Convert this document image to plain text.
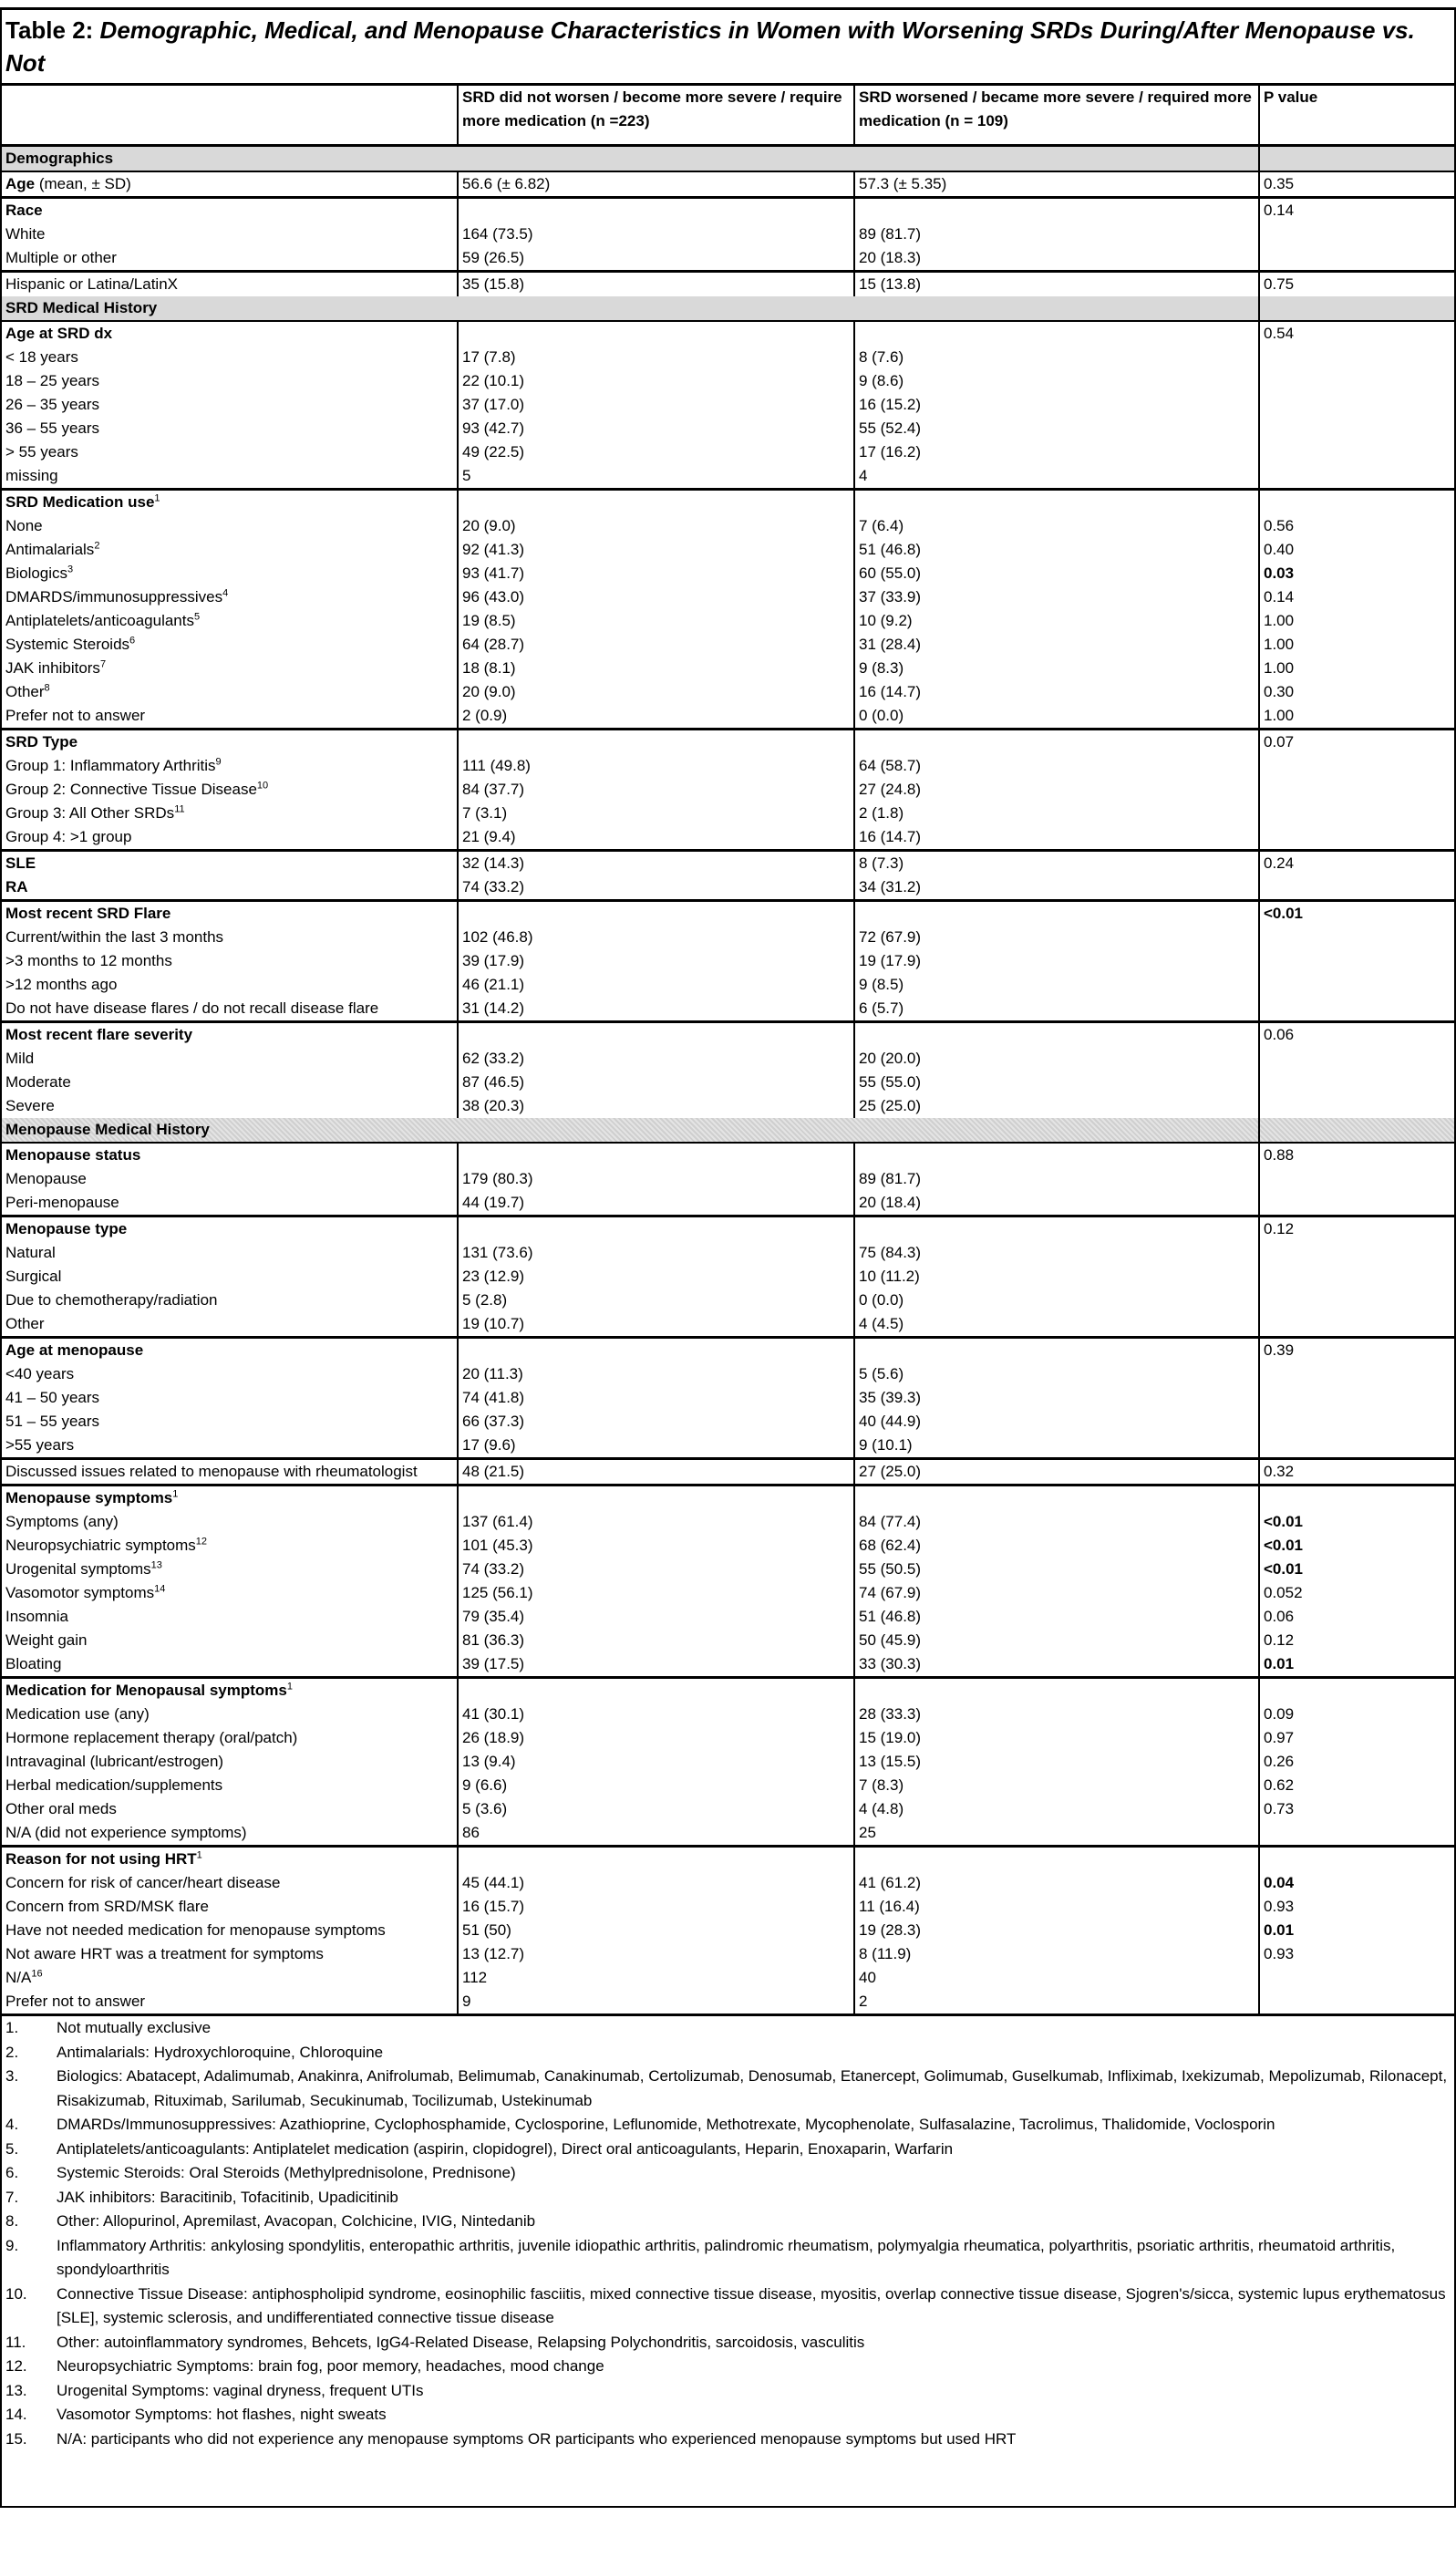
Table 2: Demographic, Medical, and Menopause Characteristics in Women with Worsening SRDs During/After Menopause vs. Not
	SRD did not worsen / become more severe / require more medication (n =223)	SRD worsened / became more severe / required more medication (n = 109)	P value
Demographics			
Age (mean, ± SD)	56.6 (± 6.82)	57.3 (± 5.35)	0.35
Race			0.14
White	164 (73.5)	89 (81.7)	
Multiple or other	59 (26.5)	20 (18.3)	
Hispanic or Latina/LatinX	35 (15.8)	15 (13.8)	0.75
SRD Medical History			
Age at SRD dx			0.54
< 18 years	17 (7.8)	8 (7.6)	
18 – 25 years	22 (10.1)	9 (8.6)	
26 – 35 years	37 (17.0)	16 (15.2)	
36 – 55 years	93 (42.7)	55 (52.4)	
> 55 years	49 (22.5)	17 (16.2)	
missing	5	4	
SRD Medication use$^1$			
None	20 (9.0)	7 (6.4)	0.56
Antimalarials$^2$	92 (41.3)	51 (46.8)	0.40
Biologics$^3$	93 (41.7)	60 (55.0)	0.03
DMARDS/immunosuppressives$^4$	96 (43.0)	37 (33.9)	0.14
Antiplatelets/anticoagulants$^5$	19 (8.5)	10 (9.2)	1.00
Systemic Steroids$^6$	64 (28.7)	31 (28.4)	1.00
JAK inhibitors$^7$	18 (8.1)	9 (8.3)	1.00
Other$^8$	20 (9.0)	16 (14.7)	0.30
Prefer not to answer	2 (0.9)	0 (0.0)	1.00
SRD Type			0.07
Group 1: Inflammatory Arthritis$^9$	111 (49.8)	64 (58.7)	
Group 2: Connective Tissue Disease$^{10}$	84 (37.7)	27 (24.8)	
Group 3: All Other SRDs$^{11}$	7 (3.1)	2 (1.8)	
Group 4: >1 group	21 (9.4)	16 (14.7)	
SLE	32 (14.3)	8 (7.3)	0.24
RA	74 (33.2)	34 (31.2)	
Most recent SRD Flare			<0.01
Current/within the last 3 months	102 (46.8)	72 (67.9)	
>3 months to 12 months	39 (17.9)	19 (17.9)	
>12 months ago	46 (21.1)	9 (8.5)	
Do not have disease flares / do not recall disease flare	31 (14.2)	6 (5.7)	
Most recent flare severity			0.06
Mild	62 (33.2)	20 (20.0)	
Moderate	87 (46.5)	55 (55.0)	
Severe	38 (20.3)	25 (25.0)	
Menopause Medical History			
Menopause status			0.88
Menopause	179 (80.3)	89 (81.7)	
Peri-menopause	44 (19.7)	20 (18.4)	
Menopause type			0.12
Natural	131 (73.6)	75 (84.3)	
Surgical	23 (12.9)	10 (11.2)	
Due to chemotherapy/radiation	5 (2.8)	0 (0.0)	
Other	19 (10.7)	4 (4.5)	
Age at menopause			0.39
<40 years	20 (11.3)	5 (5.6)	
41 – 50 years	74 (41.8)	35 (39.3)	
51 – 55 years	66 (37.3)	40 (44.9)	
>55 years	17 (9.6)	9 (10.1)	
Discussed issues related to menopause with rheumatologist	48 (21.5)	27 (25.0)	0.32
Menopause symptoms$^1$			
Symptoms (any)	137 (61.4)	84 (77.4)	<0.01
Neuropsychiatric symptoms$^{12}$	101 (45.3)	68 (62.4)	<0.01
Urogenital symptoms$^{13}$	74 (33.2)	55 (50.5)	<0.01
Vasomotor symptoms$^{14}$	125 (56.1)	74 (67.9)	0.052
Insomnia	79 (35.4)	51 (46.8)	0.06
Weight gain	81 (36.3)	50 (45.9)	0.12
Bloating	39 (17.5)	33 (30.3)	0.01
Medication for Menopausal symptoms$^1$			
Medication use (any)	41 (30.1)	28 (33.3)	0.09
Hormone replacement therapy (oral/patch)	26 (18.9)	15 (19.0)	0.97
Intravaginal (lubricant/estrogen)	13 (9.4)	13 (15.5)	0.26
Herbal medication/supplements	9 (6.6)	7 (8.3)	0.62
Other oral meds	5 (3.6)	4 (4.8)	0.73
N/A (did not experience symptoms)	86	25	
Reason for not using HRT$^1$			
Concern for risk of cancer/heart disease	45 (44.1)	41 (61.2)	0.04
Concern from SRD/MSK flare	16 (15.7)	11 (16.4)	0.93
Have not needed medication for menopause symptoms	51 (50)	19 (28.3)	0.01
Not aware HRT was a treatment for symptoms	13 (12.7)	8 (11.9)	0.93
$N/A^{16}$	112	40	
Prefer not to answer	9	2	
1.	Not mutually exclusive
2.	Antimalarials: Hydroxychloroquine, Chloroquine
3.	Biologics: Abatacept, Adalimumab, Anakinra, Anifrolumab, Belimumab, Canakinumab, Certolizumab, Denosumab, Etanercept, Golimumab, Guselkumab, Infliximab, Ixekizumab, Mepolizumab, Rilonacept, Risakizumab, Rituximab, Sarilumab, Secukinumab, Tocilizumab, Ustekinumab
4.	DMARDs/Immunosuppressives: Azathioprine, Cyclophosphamide, Cyclosporine, Leflunomide, Methotrexate, Mycophenolate, Sulfasalazine, Tacrolimus, Thalidomide, Voclosporin
5.	Antiplatelets/anticoagulants: Antiplatelet medication (aspirin, clopidogrel), Direct oral anticoagulants, Heparin, Enoxaparin, Warfarin
6.	Systemic Steroids: Oral Steroids (Methylprednisolone, Prednisone)
7.	JAK inhibitors: Baracitinib, Tofacitinib, Upadicitinib
8.	Other: Allopurinol, Apremilast, Avacopan, Colchicine, IVIG, Nintedanib
9.	Inflammatory Arthritis: ankylosing spondylitis, enteropathic arthritis, juvenile idiopathic arthritis, palindromic rheumatism, polymyalgia rheumatica, polyarthritis, psoriatic arthritis, rheumatoid arthritis, spondyloarthritis
10.	Connective Tissue Disease: antiphospholipid syndrome, eosinophilic fasciitis, mixed connective tissue disease, myositis, overlap connective tissue disease, Sjogren's/sicca, systemic lupus erythematosus [SLE], systemic sclerosis, and undifferentiated connective tissue disease
11.	Other: autoinflammatory syndromes, Behcets, IgG4-Related Disease, Relapsing Polychondritis, sarcoidosis, vasculitis
12.	Neuropsychiatric Symptoms: brain fog, poor memory, headaches, mood change
13.	Urogenital Symptoms: vaginal dryness, frequent UTIs
14.	Vasomotor Symptoms: hot flashes, night sweats
15.	N/A: participants who did not experience any menopause symptoms OR participants who experienced menopause symptoms but used HRT
